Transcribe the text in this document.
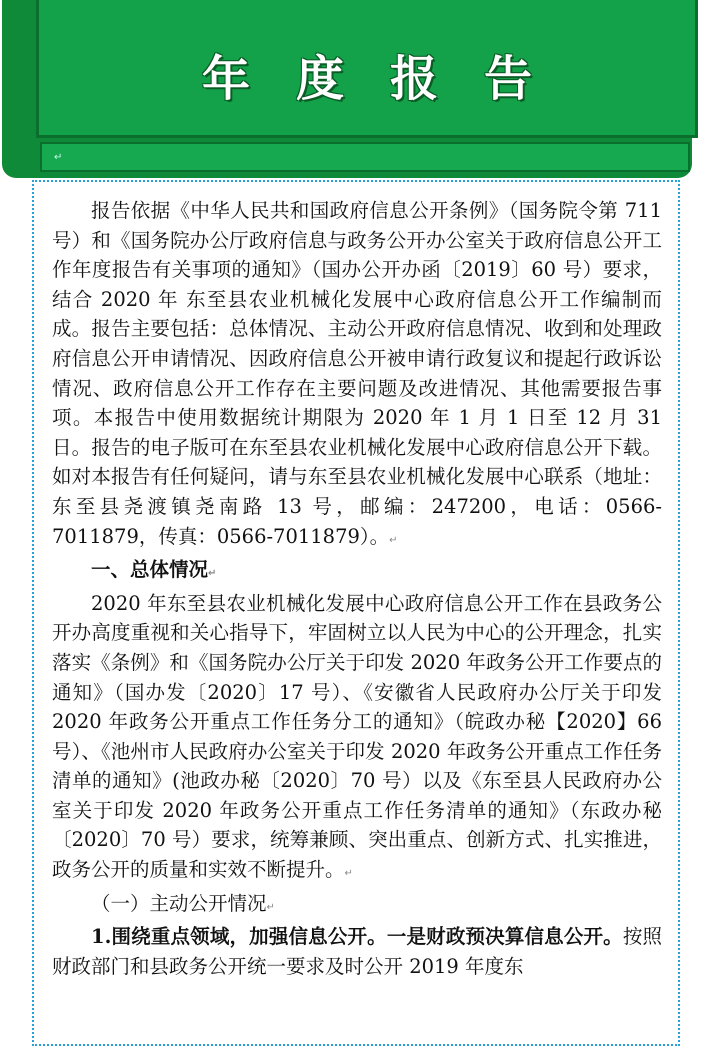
年度报告
↵

报告依据《中华人民共和国政府信息公开条例》（国务院令第 711 号）和《国务院办公厅政府信息与政务公开办公室关于政府信息公开工作年度报告有关事项的通知》（国办公开办函〔2019〕60 号）要求，结合 2020 年 东至县农业机械化发展中心政府信息公开工作编制而成。报告主要包括：总体情况、主动公开政府信息情况、收到和处理政府信息公开申请情况、因政府信息公开被申请行政复议和提起行政诉讼情况、政府信息公开工作存在主要问题及改进情况、其他需要报告事项。本报告中使用数据统计期限为 2020 年 1 月 1 日至 12 月 31 日。报告的电子版可在东至县农业机械化发展中心政府信息公开下载。如对本报告有任何疑问，请与东至县农业机械化发展中心联系（地址：东至县尧渡镇尧南路 13 号，邮编：247200，电话：0566-7011879，传真：0566-7011879）。↵

一、总体情况↵

2020 年东至县农业机械化发展中心政府信息公开工作在县政务公开办高度重视和关心指导下，牢固树立以人民为中心的公开理念，扎实落实《条例》和《国务院办公厅关于印发 2020 年政务公开工作要点的通知》（国办发〔2020〕17 号）、《安徽省人民政府办公厅关于印发 2020 年政务公开重点工作任务分工的通知》（皖政办秘【2020】66 号）、《池州市人民政府办公室关于印发 2020 年政务公开重点工作任务清单的通知》(池政办秘〔2020〕70 号）以及《东至县人民政府办公室关于印发 2020 年政务公开重点工作任务清单的通知》（东政办秘〔2020〕70 号）要求，统筹兼顾、突出重点、创新方式、扎实推进，政务公开的质量和实效不断提升。↵

（一）主动公开情况↵

1.围绕重点领域，加强信息公开。一是财政预决算信息公开。按照财政部门和县政务公开统一要求及时公开 2019 年度东
